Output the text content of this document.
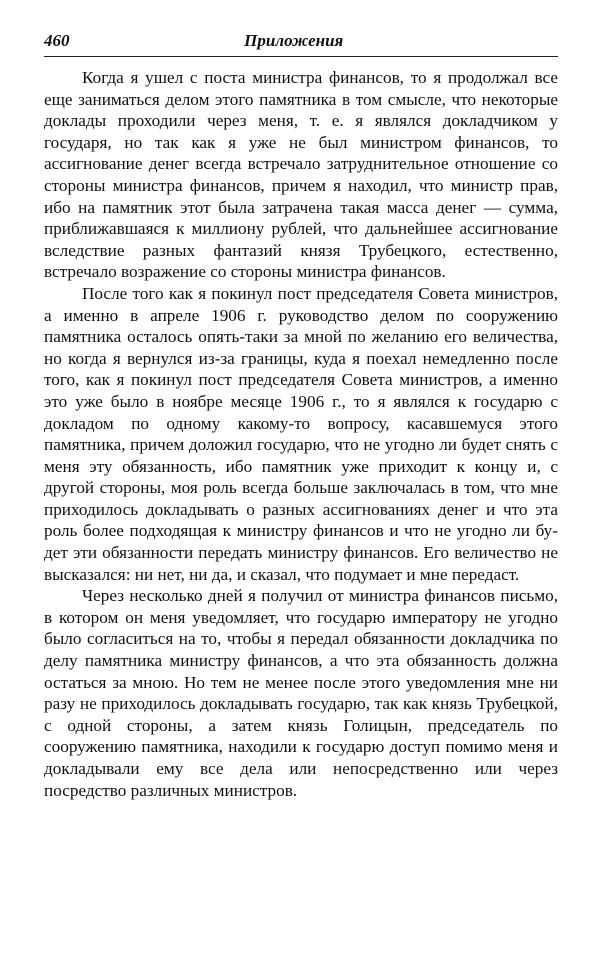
460	Приложения

Когда я ушел с поста министра финансов, то я продолжал все еще заниматься делом этого памятника в том смысле, что некоторые доклады проходили через меня, т. е. я являлся докладчиком у государя, но так как я уже не был министром финансов, то ассигнование денег всегда встречало затруднительное отношение со стороны министра финансов, причем я находил, что министр прав, ибо на памятник этот была затрачена такая масса денег — сумма, приближавшаяся к миллиону рублей, что дальнейшее ассигнование вследствие разных фантазий князя Трубецкого, естественно, встречало возражение со стороны министра финансов.

После того как я покинул пост председателя Совета министров, а именно в апреле 1906 г. руководство делом по сооружению памятника осталось опять-таки за мной по желанию его величества, но когда я вернулся из-за границы, куда я поехал немедленно после того, как я покинул пост председателя Совета министров, а именно это уже было в ноябре месяце 1906 г., то я являлся к государю с докладом по одному какому-то вопросу, касавшемуся этого памятника, причем доложил государю, что не угодно ли будет снять с меня эту обязанность, ибо памятник уже приходит к концу и, с другой стороны, моя роль всегда больше заключалась в том, что мне приходилось докладывать о разных ассигнованиях денег и что эта роль более подходящая к министру финансов и что не угодно ли будет эти обязанности передать министру финансов. Его величество не высказался: ни нет, ни да, и сказал, что подумает и мне передаст.

Через несколько дней я получил от министра финансов письмо, в котором он меня уведомляет, что государю императору не угодно было согласиться на то, чтобы я передал обязанности докладчика по делу памятника министру финансов, а что эта обязанность должна остаться за мною. Но тем не менее после этого уведомления мне ни разу не приходилось докладывать государю, так как князь Трубецкой, с одной стороны, а затем князь Голицын, председатель по сооружению памятника, находили к государю доступ помимо меня и докладывали ему все дела или непосредственно или через посредство различных министров.
